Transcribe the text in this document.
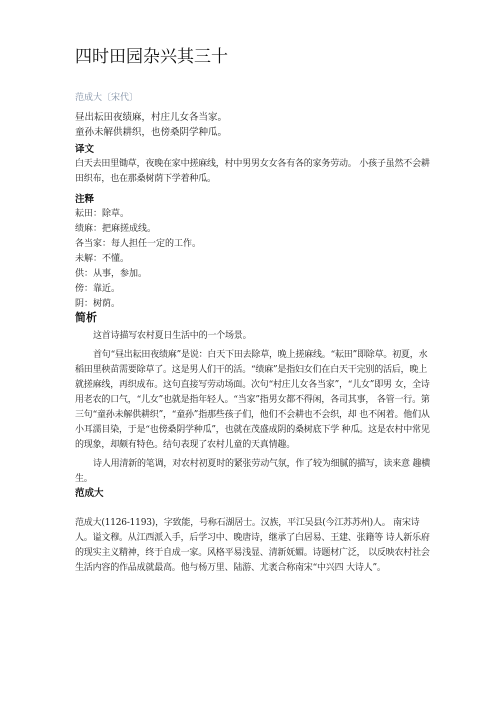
四时田园杂兴其三十
范成大〔宋代〕
昼出耘田夜绩麻，村庄儿女各当家。
童孙未解供耕织，也傍桑阴学种瓜。
译文
白天去田里锄草，夜晚在家中搓麻线，村中男男女女各有各的家务劳动。 小孩子虽然不会耕田织布，也在那桑树荫下学着种瓜。
注释
耘田：除草。
绩麻：把麻搓成线。
各当家：每人担任一定的工作。
未解：不懂。
供：从事，参加。
傍：靠近。
阴：树荫。
简析

这首诗描写农村夏日生活中的一个场景。

首句“昼出耘田夜绩麻”是说：白天下田去除草，晚上搓麻线。“耘田”即除草。初夏，水稻田里秧苗需要除草了。这是男人们干的活。“绩麻”是指妇女们在白天干完别的活后，晚上就搓麻线，再织成布。这句直接写劳动场面。次句“村庄儿女各当家”，“儿女”即男 女，全诗用老农的口气，“儿女”也就是指年轻人。“当家”指男女都不得闲，各司其事， 各管一行。第三句“童孙未解供耕织”，“童孙”指那些孩子们，他们不会耕也不会织，却 也不闲着。他们从小耳濡目染，于是“也傍桑阴学种瓜”，也就在茂盛成阴的桑树底下学 种瓜。这是农村中常见的现象，却颇有特色。结句表现了农村儿童的天真情趣。

诗人用清新的笔调，对农村初夏时的紧张劳动气氛，作了较为细腻的描写，读来意 趣横生。

范成大
范成大(1126-1193)，字致能，号称石湖居士。汉族，平江吴县(今江苏苏州)人。 南宋诗人。谥文穆。从江西派入手，后学习中、晚唐诗，继承了白居易、王建、张籍等 诗人新乐府的现实主义精神，终于自成一家。风格平易浅显、清新妩媚。诗题材广泛， 以反映农村社会生活内容的作品成就最高。他与杨万里、陆游、尤袤合称南宋“中兴四 大诗人”。
